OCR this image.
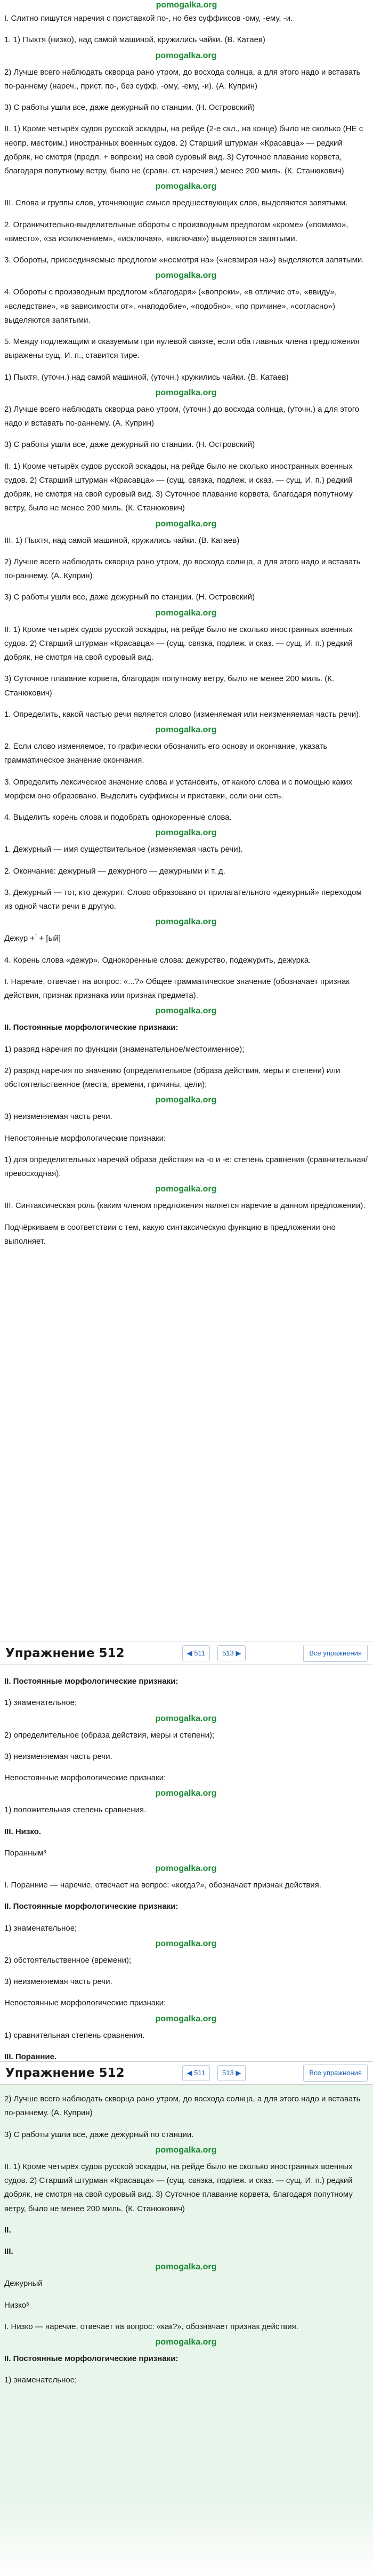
pomogalka.org

I. Слитно пишутся наречия с приставкой по-, но без суффиксов -ому, -ему, -и.

1. 1) Пыхтя (низко), над самой машиной, кружились чайки. (В. Катаев)

pomogalka.org

2) Лучше всего наблюдать скворца рано утром, до восхода солнца, а для этого надо и вставать по-раннему (нареч., прист. по-, без суфф. -ому, -ему, -и). (А. Куприн)

3) С работы ушли все, даже дежурный по станции. (Н. Островский)

II. 1) Кроме четырёх судов русской эскадры, на рейде (2-е скл., на конце) было не сколько (НЕ с неопр. местоим.) иностранных военных судов. 2) Старший штурман «Красавца» — редкий добряк, не смотря (предл. + вопреки) на свой суровый вид. 3) Суточное плавание корвета, благодаря попутному ветру, было не (сравн. ст. наречия.) менее 200 миль. (К. Станюкович)

pomogalka.org

III. Слова и группы слов, уточняющие смысл предшествующих слов, выделяются запятыми.

2. Ограничительно-выделительные обороты с производным предлогом «кроме» («помимо», «вместо», «за исключением», «исключая», «включая») выделяются запятыми.

3. Обороты, присоединяемые предлогом «несмотря на» («невзирая на») выделяются запятыми.

pomogalka.org

4. Обороты с производным предлогом «благодаря» («вопреки», «в отличие от», «ввиду», «вследствие», «в зависимости от», «наподобие», «подобно», «по причине», «согласно») выделяются запятыми.

5. Между подлежащим и сказуемым при нулевой связке, если оба главных члена предложения выражены сущ. И. п., ставится тире.

1) Пыхтя, (уточн.) над самой машиной, (уточн.) кружились чайки. (В. Катаев)

pomogalka.org

2) Лучше всего наблюдать скворца рано утром, (уточн.) до восхода солнца, (уточн.) а для этого надо и вставать по-раннему. (А. Куприн)

3) С работы ушли все, даже дежурный по станции. (Н. Островский)

II. 1) Кроме четырёх судов русской эскадры, на рейде было не сколько иностранных военных судов. 2) Старший штурман «Красавца» — (сущ. связка, подлеж. и сказ. — сущ. И. п.) редкий добряк, не смотря на свой суровый вид. 3) Суточное плавание корвета, благодаря попутному ветру, было не менее 200 миль. (К. Станюкович)

pomogalka.org

III. 1) Пыхтя, над самой машиной, кружились чайки. (В. Катаев)

2) Лучше всего наблюдать скворца рано утром, до восхода солнца, а для этого надо и вставать по-раннему. (А. Куприн)

3) С работы ушли все, даже дежурный по станции. (Н. Островский)

pomogalka.org

II. 1) Кроме четырёх судов русской эскадры, на рейде было не сколько иностранных военных судов. 2) Старший штурман «Красавца» — (сущ. связка, подлеж. и сказ. — сущ. И. п.) редкий добряк, не смотря на свой суровый вид.

3) Суточное плавание корвета, благодаря попутному ветру, было не менее 200 миль. (К. Станюкович)

1. Определить, какой частью речи является слово (изменяемая или неизменяемая часть речи).

pomogalka.org

2. Если слово изменяемое, то графически обозначить его основу и окончание, указать грамматическое значение окончания.

3. Определить лексическое значение слова и установить, от какого слова и с помощью каких морфем оно образовано. Выделить суффиксы и приставки, если они есть.

4. Выделить корень слова и подобрать однокоренные слова.

pomogalka.org

1. Дежурный — имя существительное (изменяемая часть речи).

2. Окончание: дежурный — дежурного — дежурными и т. д.

3. Дежурный — тот, кто дежурит. Слово образовано от прилагательного «дежурный» переходом из одной части речи в другую.

pomogalka.org

Дежур + ́ + [ый]

4. Корень слова «дежур». Однокоренные слова: дежурство, подежурить, дежурка.

I. Наречие, отвечает на вопрос: «...?» Общее грамматическое значение (обозначает признак действия, признак признака или признак предмета).

pomogalka.org

II. Постоянные морфологические признаки:

1) разряд наречия по функции (знаменательное/местоименное);

2) разряд наречия по значению (определительное (образа действия, меры и степени) или обстоятельственное (места, времени, причины, цели);

pomogalka.org

3) неизменяемая часть речи.

Непостоянные морфологические признаки:

1) для определительных наречий образа действия на -о и -е: степень сравнения (сравнительная/превосходная).

pomogalka.org

III. Синтаксическая роль (каким членом предложения является наречие в данном предложении).

Подчёркиваем в соответствии с тем, какую синтаксическую функцию в предложении оно выполняет.

Упражнение 512	◀ 511	513 ▶	Все упражнения

II. Постоянные морфологические признаки:

1) знаменательное;

pomogalka.org

2) определительное (образа действия, меры и степени);

3) неизменяемая часть речи.

Непостоянные морфологические признаки:

pomogalka.org

1) положительная степень сравнения.

III. Низко.

Поранным³

pomogalka.org

I. Поранние — наречие, отвечает на вопрос: «когда?», обозначает признак действия.

II. Постоянные морфологические признаки:

1) знаменательное;

pomogalka.org

2) обстоятельственное (времени);

3) неизменяемая часть речи.

Непостоянные морфологические признаки:

pomogalka.org

1) сравнительная степень сравнения.

III. Поранние.

Упражнение 512	◀ 511	513 ▶	Все упражнения

2) Лучше всего наблюдать скворца рано утром, до восхода солнца, а для этого надо и вставать по-раннему. (А. Куприн)

3) С работы ушли все, даже дежурный по станции.

pomogalka.org

II. 1) Кроме четырёх судов русской эскадры, на рейде было не сколько иностранных военных судов. 2) Старший штурман «Красавца» — (сущ. связка, подлеж. и сказ. — сущ. И. п.) редкий добряк, не смотря на свой суровый вид. 3) Суточное плавание корвета, благодаря попутному ветру, было не менее 200 миль. (К. Станюкович)

II.

III.

pomogalka.org

Дежурный

Низко³

I. Низко — наречие, отвечает на вопрос: «как?», обозначает признак действия.

pomogalka.org

II. Постоянные морфологические признаки:

1) знаменательное;
